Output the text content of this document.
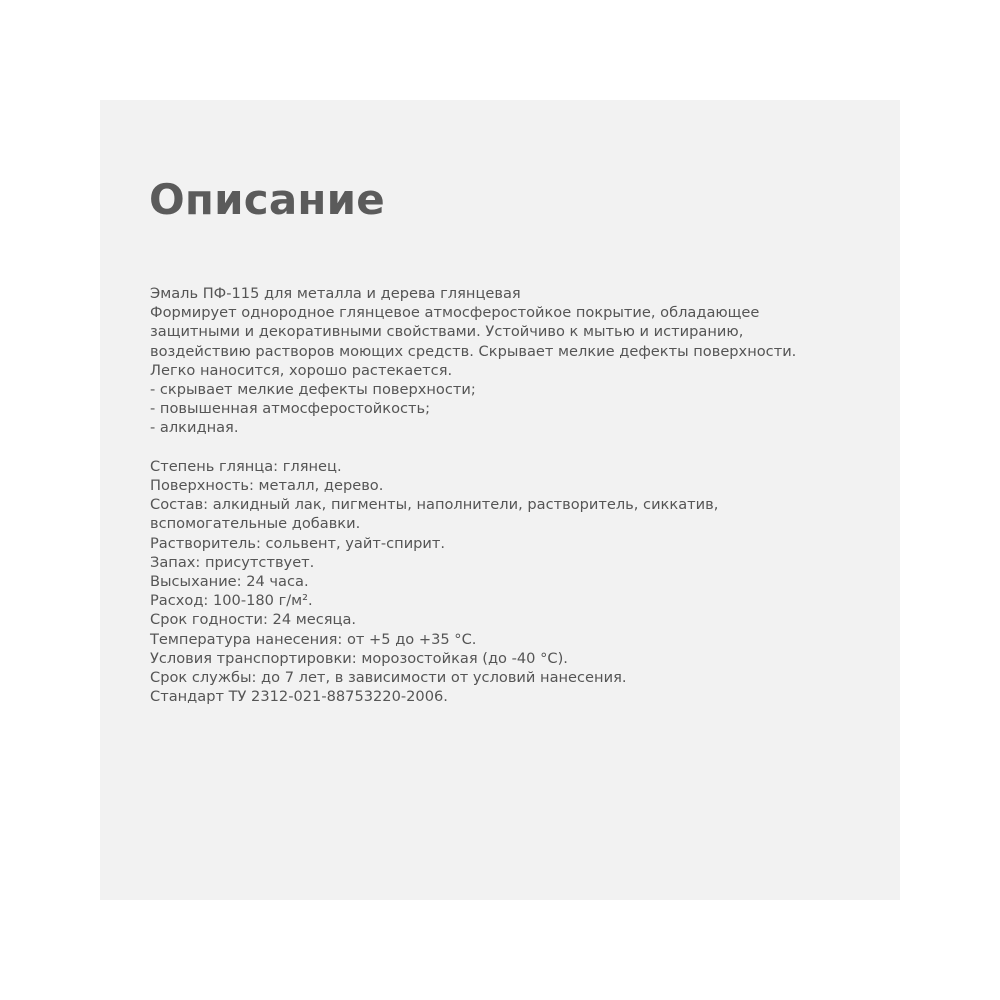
Описание
Эмаль ПФ-115 для металла и дерева глянцевая
Формирует однородное глянцевое атмосферостойкое покрытие, обладающее
защитными и декоративными свойствами. Устойчиво к мытью и истиранию,
воздействию растворов моющих средств. Скрывает мелкие дефекты поверхности.
Легко наносится, хорошо растекается.
- скрывает мелкие дефекты поверхности;
- повышенная атмосферостойкость;
- алкидная.
Степень глянца: глянец.
Поверхность: металл, дерево.
Состав: алкидный лак, пигменты, наполнители, растворитель, сиккатив,
вспомогательные добавки.
Растворитель: сольвент, уайт-спирит.
Запах: присутствует.
Высыхание: 24 часа.
Расход: 100-180 г/м².
Срок годности: 24 месяца.
Температура нанесения: от +5 до +35 °С.
Условия транспортировки: морозостойкая (до -40 °С).
Срок службы: до 7 лет, в зависимости от условий нанесения.
Стандарт ТУ 2312-021-88753220-2006.
